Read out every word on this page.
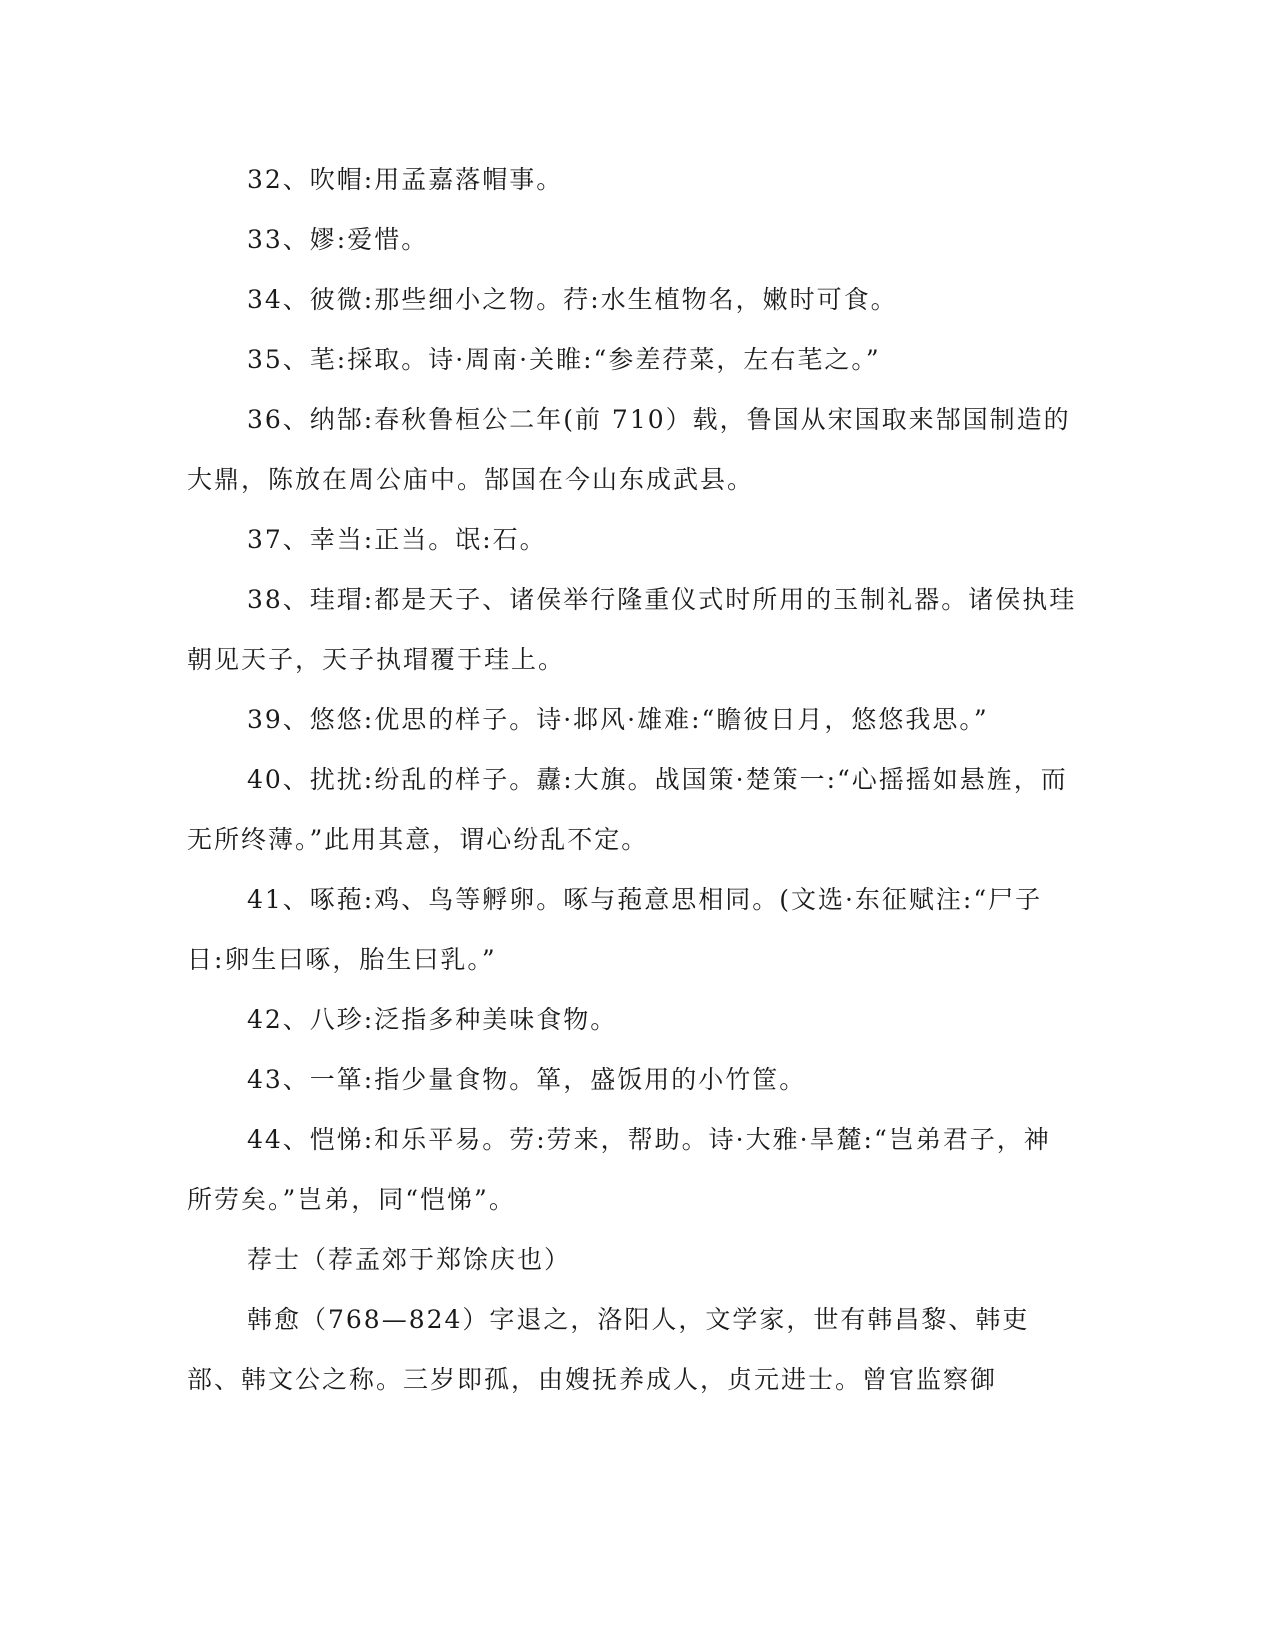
32、吹帽:用孟嘉落帽事。

33、嫪:爱惜。

34、彼微:那些细小之物。荇:水生植物名，嫩时可食。

35、芼:採取。诗·周南·关睢:“参差荇菜，左右芼之。”

36、纳郜:春秋鲁桓公二年(前 710）载，鲁国从宋国取来郜国制造的大鼎，陈放在周公庙中。郜国在今山东成武县。

37、幸当:正当。氓:石。

38、珪瑁:都是天子、诸侯举行隆重仪式时所用的玉制礼器。诸侯执珪朝见天子，天子执瑁覆于珪上。

39、悠悠:优思的样子。诗·邶风·雄难:“瞻彼日月，悠悠我思。”

40、扰扰:纷乱的样子。纛:大旗。战国策·楚策一:“心摇摇如悬旌，而无所终薄。”此用其意，谓心纷乱不定。

41、啄菢:鸡、鸟等孵卵。啄与菢意思相同。(文选·东征赋注:“尸子日:卵生曰啄，胎生曰乳。”

42、八珍:泛指多种美味食物。

43、一箪:指少量食物。箪，盛饭用的小竹筐。

44、恺悌:和乐平易。劳:劳来，帮助。诗·大雅·旱麓:“岂弟君子，神所劳矣。”岂弟，同“恺悌”。

荐士（荐孟郊于郑馀庆也）

韩愈（768—824）字退之，洛阳人，文学家，世有韩昌黎、韩吏部、韩文公之称。三岁即孤，由嫂抚养成人，贞元进士。曾官监察御
